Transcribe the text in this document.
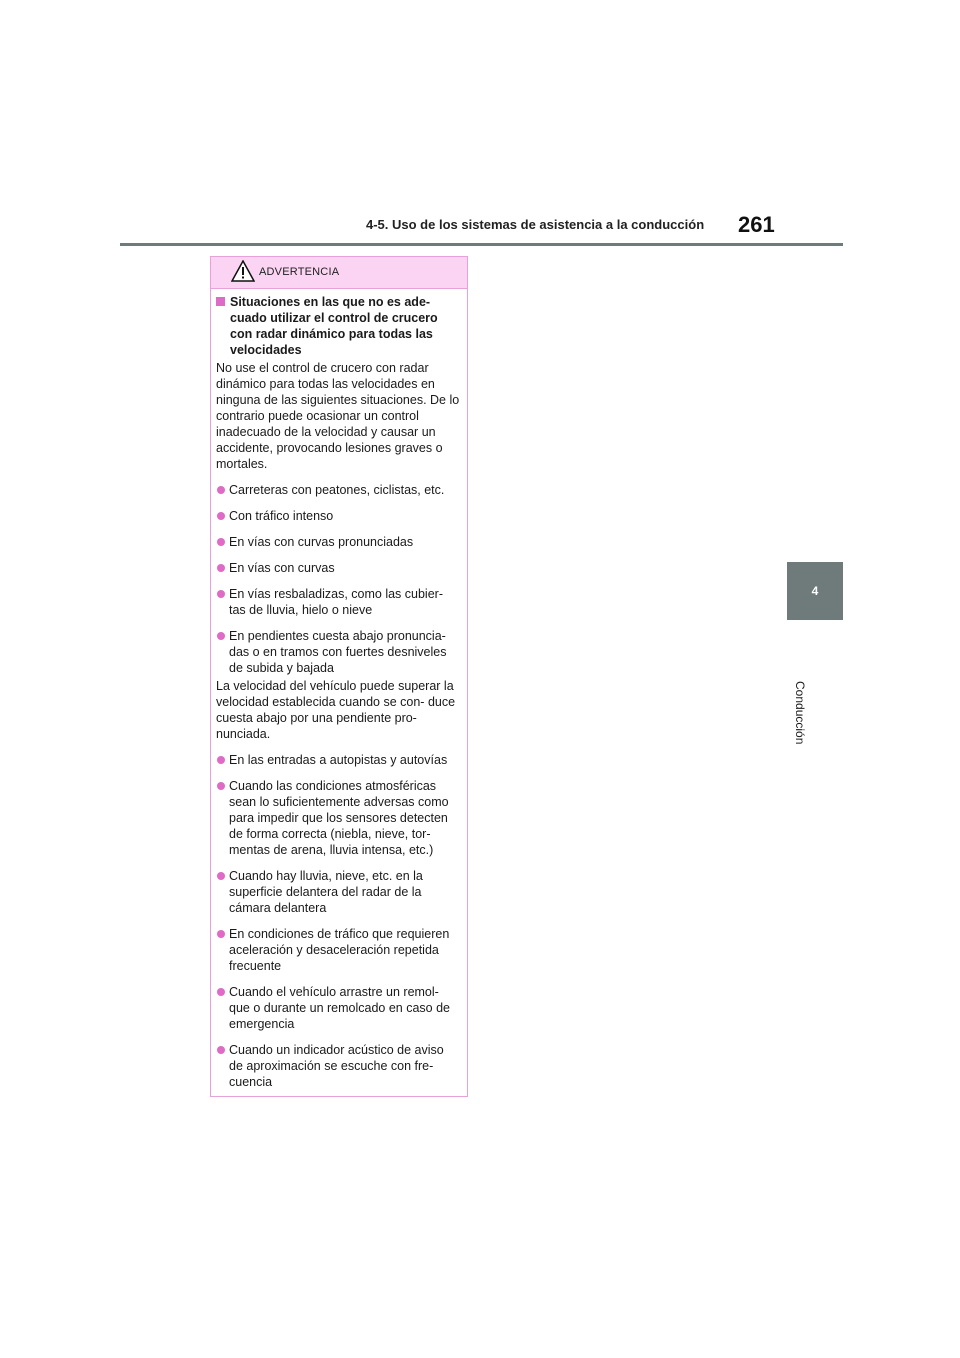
4-5. Uso de los sistemas de asistencia a la conducción 261
4
Conducción
ADVERTENCIA
Situaciones en las que no es ade- cuado utilizar el control de crucero con radar dinámico para todas las velocidades
No use el control de crucero con radar dinámico para todas las velocidades en ninguna de las siguientes situaciones. De lo contrario puede ocasionar un control inadecuado de la velocidad y causar un accidente, provocando lesiones graves o mortales.
Carreteras con peatones, ciclistas, etc.
Con tráfico intenso
En vías con curvas pronunciadas
En vías con curvas
En vías resbaladizas, como las cubier- tas de lluvia, hielo o nieve
En pendientes cuesta abajo pronuncia- das o en tramos con fuertes desniveles de subida y bajada
La velocidad del vehículo puede superar la velocidad establecida cuando se con- duce cuesta abajo por una pendiente pro- nunciada.
En las entradas a autopistas y autovías
Cuando las condiciones atmosféricas sean lo suficientemente adversas como para impedir que los sensores detecten de forma correcta (niebla, nieve, tor- mentas de arena, lluvia intensa, etc.)
Cuando hay lluvia, nieve, etc. en la superficie delantera del radar de la cámara delantera
En condiciones de tráfico que requieren aceleración y desaceleración repetida frecuente
Cuando el vehículo arrastre un remol- que o durante un remolcado en caso de emergencia
Cuando un indicador acústico de aviso de aproximación se escuche con fre- cuencia
